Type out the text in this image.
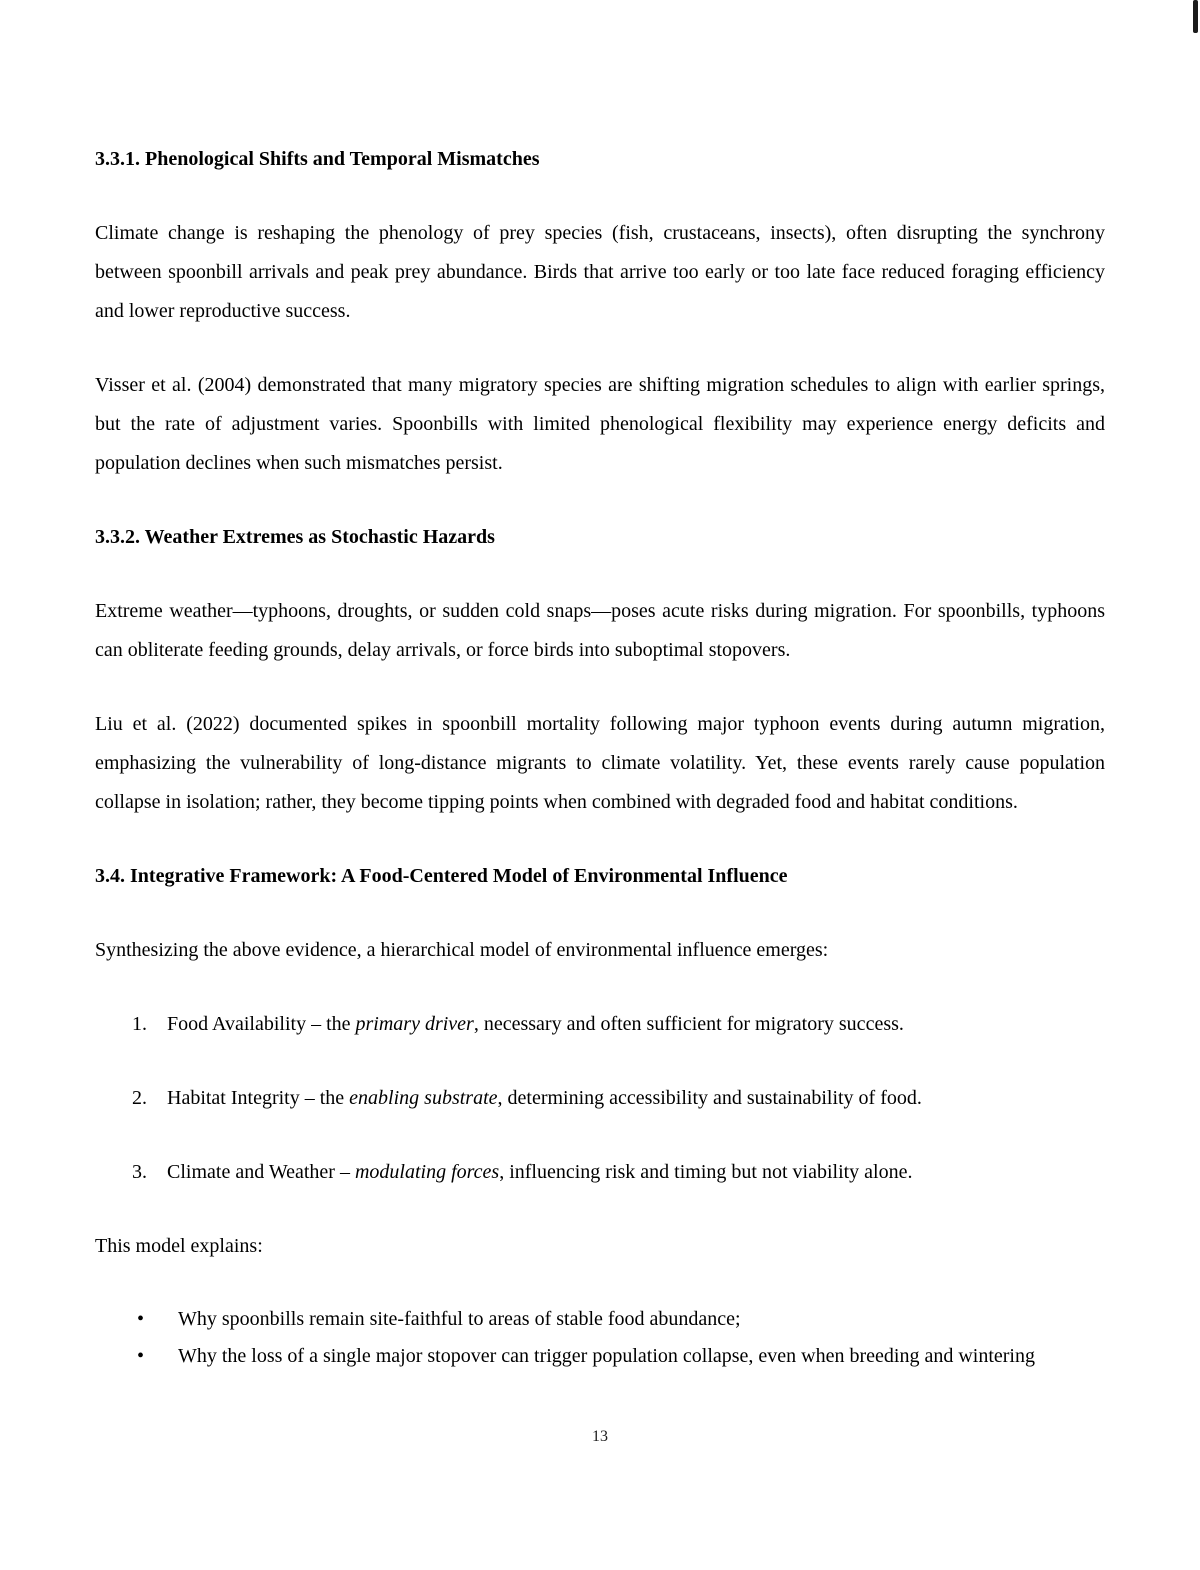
3.3.1. Phenological Shifts and Temporal Mismatches

Climate change is reshaping the phenology of prey species (fish, crustaceans, insects), often disrupting the synchrony between spoonbill arrivals and peak prey abundance. Birds that arrive too early or too late face reduced foraging efficiency and lower reproductive success.

Visser et al. (2004) demonstrated that many migratory species are shifting migration schedules to align with earlier springs, but the rate of adjustment varies. Spoonbills with limited phenological flexibility may experience energy deficits and population declines when such mismatches persist.

3.3.2. Weather Extremes as Stochastic Hazards

Extreme weather—typhoons, droughts, or sudden cold snaps—poses acute risks during migration. For spoonbills, typhoons can obliterate feeding grounds, delay arrivals, or force birds into suboptimal stopovers.

Liu et al. (2022) documented spikes in spoonbill mortality following major typhoon events during autumn migration, emphasizing the vulnerability of long-distance migrants to climate volatility. Yet, these events rarely cause population collapse in isolation; rather, they become tipping points when combined with degraded food and habitat conditions.

3.4. Integrative Framework: A Food-Centered Model of Environmental Influence

Synthesizing the above evidence, a hierarchical model of environmental influence emerges:

1.	Food Availability – the primary driver, necessary and often sufficient for migratory success.
2.	Habitat Integrity – the enabling substrate, determining accessibility and sustainability of food.
3.	Climate and Weather – modulating forces, influencing risk and timing but not viability alone.

This model explains:

•	Why spoonbills remain site-faithful to areas of stable food abundance;
•	Why the loss of a single major stopover can trigger population collapse, even when breeding and wintering
13
